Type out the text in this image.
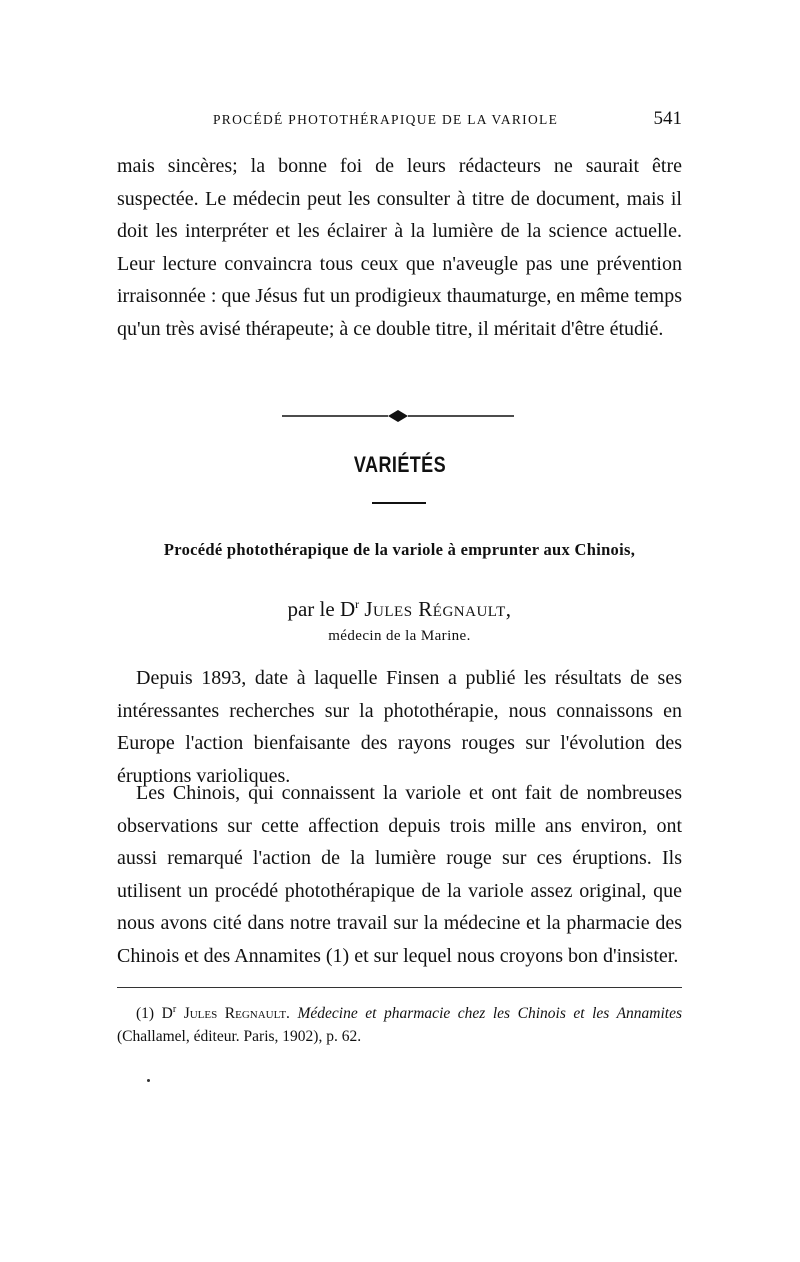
PROCÉDÉ PHOTOTHÉRAPIQUE DE LA VARIOLE	541

mais sincères; la bonne foi de leurs rédacteurs ne saurait être suspectée. Le médecin peut les consulter à titre de document, mais il doit les interpréter et les éclairer à la lumière de la science actuelle. Leur lecture convaincra tous ceux que n'aveugle pas une prévention irraisonnée : que Jésus fut un prodigieux thaumaturge, en même temps qu'un très avisé thérapeute; à ce double titre, il méritait d'être étudié.

VARIÉTÉS
Procédé photothérapique de la variole à emprunter aux Chinois,
par le $D^r$ Jules Régnault,
médecin de la Marine.

Depuis 1893, date à laquelle Finsen a publié les résultats de ses intéressantes recherches sur la photothérapie, nous connaissons en Europe l'action bienfaisante des rayons rouges sur l'évolution des éruptions varioliques.

Les Chinois, qui connaissent la variole et ont fait de nombreuses observations sur cette affection depuis trois mille ans environ, ont aussi remarqué l'action de la lumière rouge sur ces éruptions. Ils utilisent un procédé photothérapique de la variole assez original, que nous avons cité dans notre travail sur la médecine et la pharmacie des Chinois et des Annamites (1) et sur lequel nous croyons bon d'insister.

(1) $D^r$ Jules Regnault. Médecine et pharmacie chez les Chinois et les Annamites (Challamel, éditeur. Paris, 1902), p. 62.
